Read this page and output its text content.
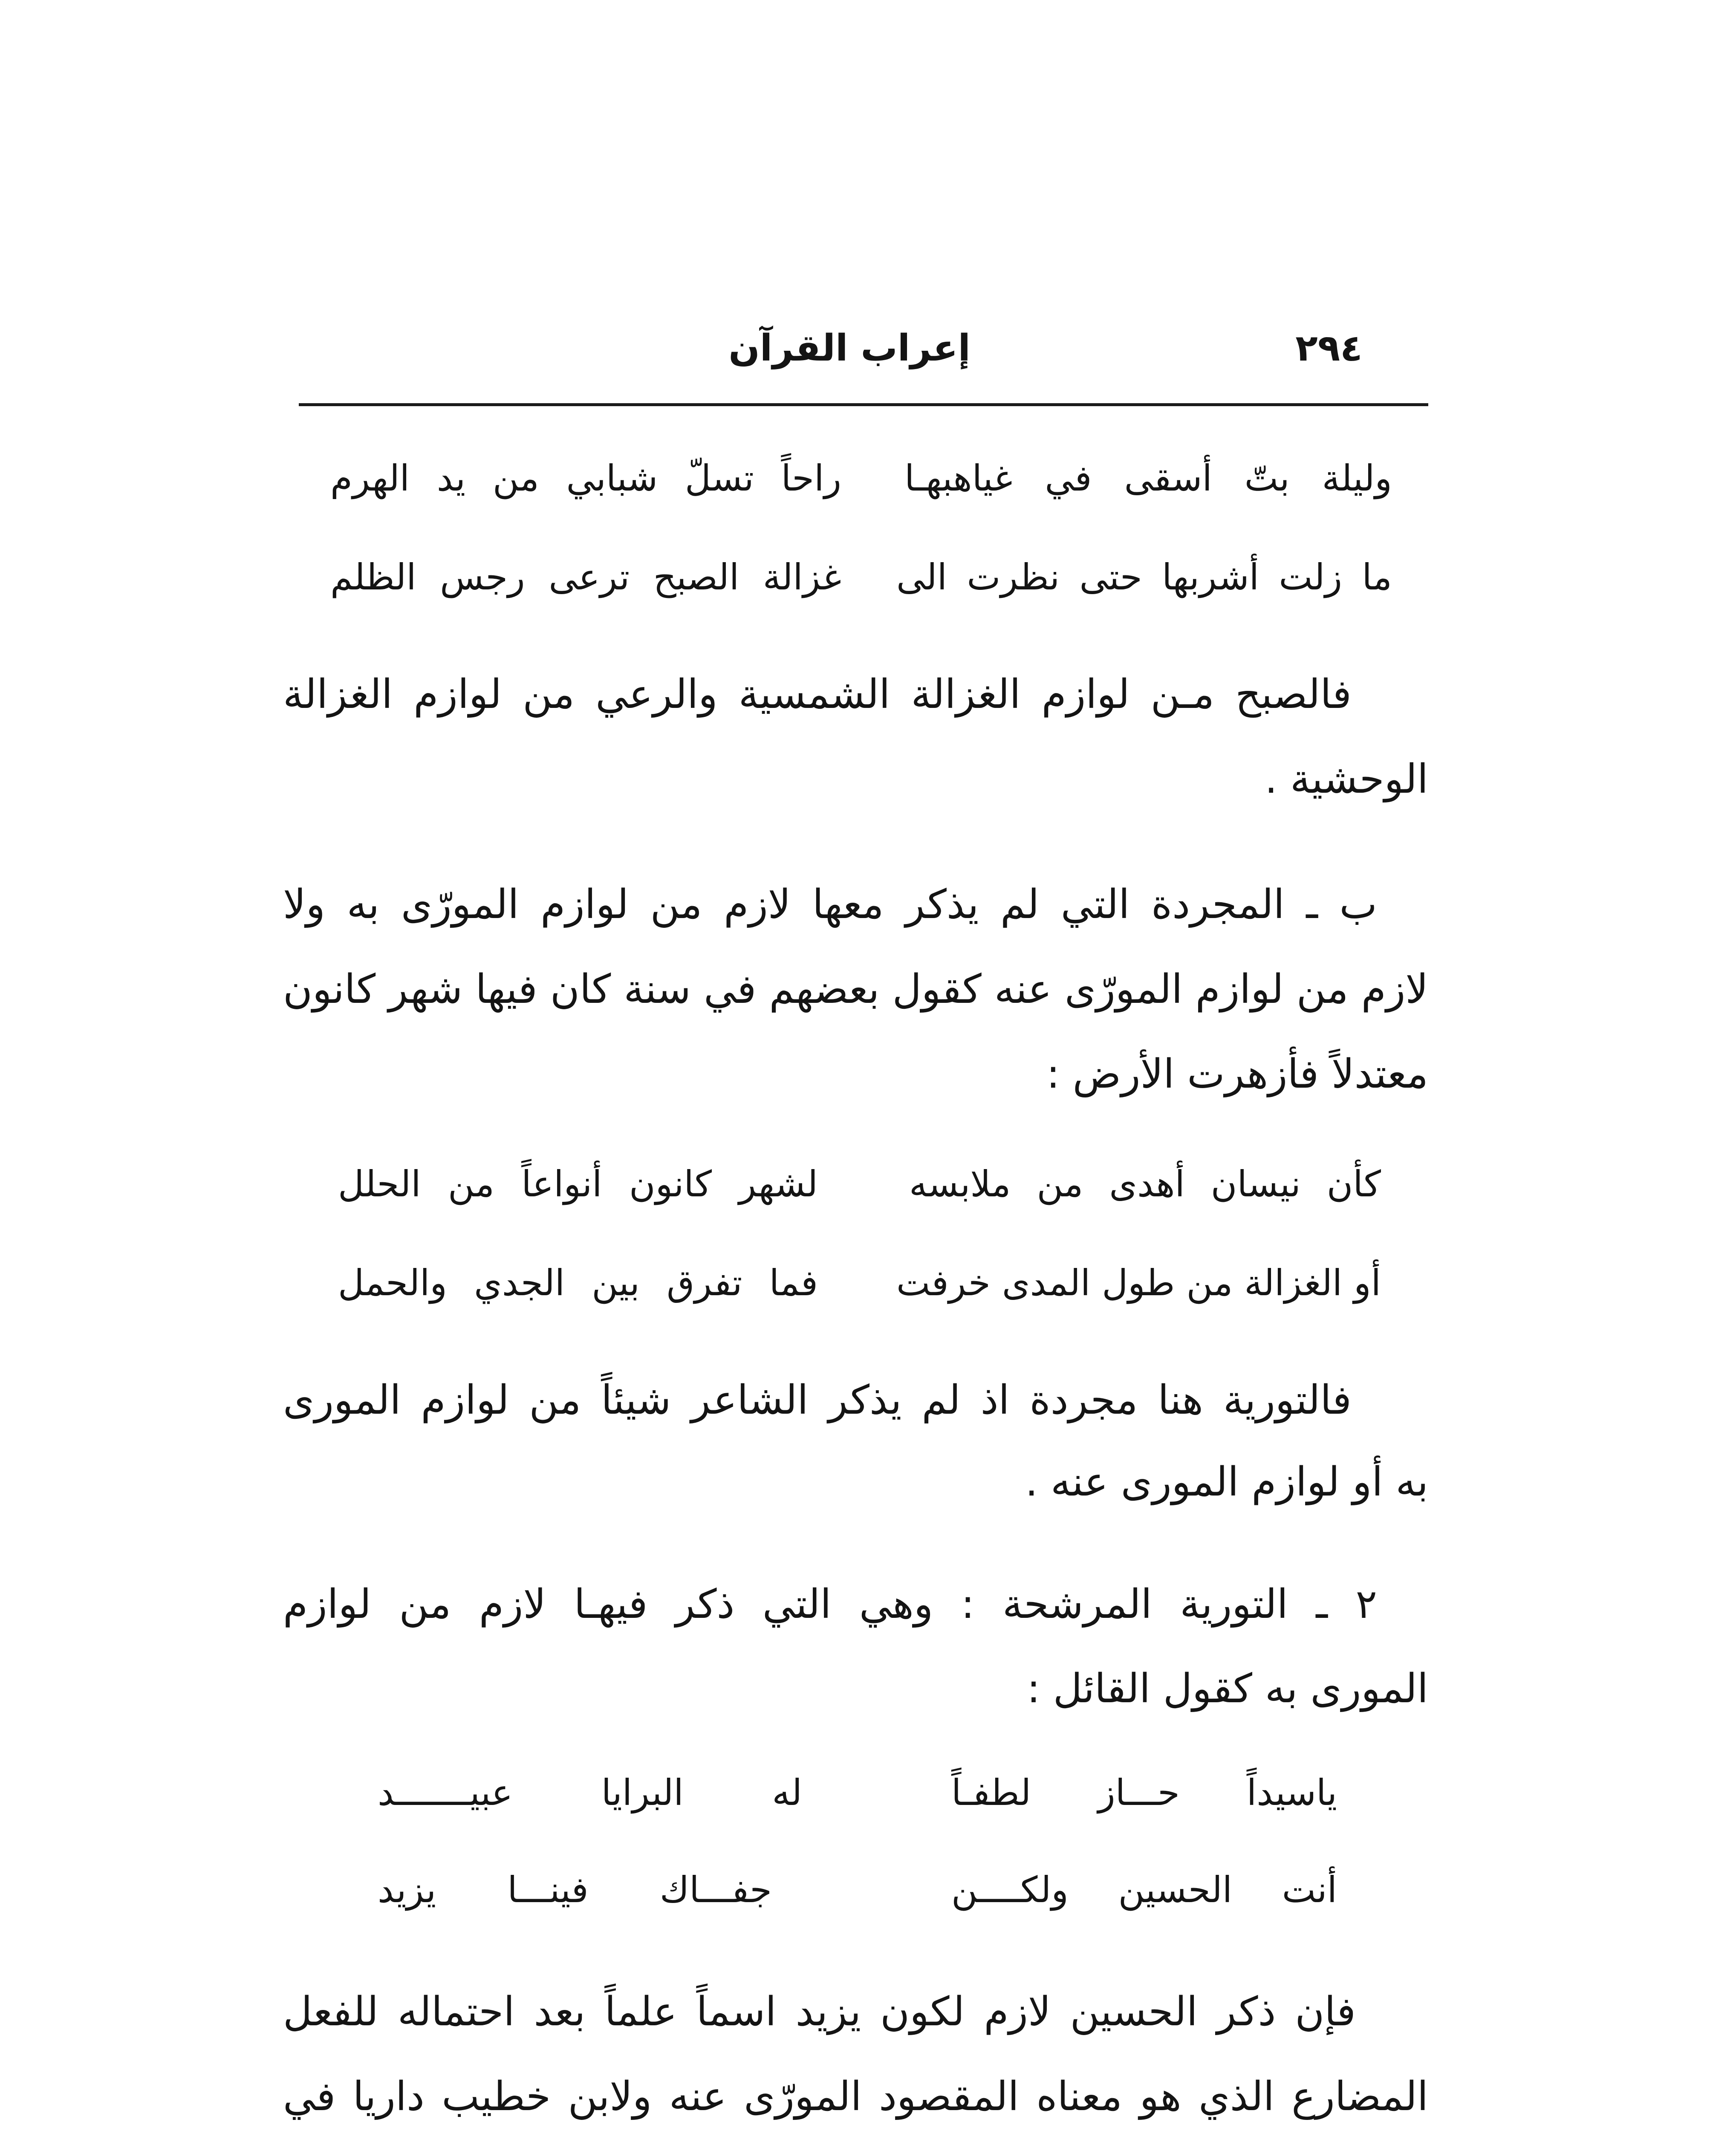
٢٩٤
إعراب القرآن

وليلة بتّ أسقى في غياهبهـا

راحاً تسلّ شبابي من يد الهرم

ما زلت أشربها حتى نظرت الى

غزالة الصبح ترعى رجس الظلم

فالصبح مـن لوازم الغزالة الشمسية والرعي من لوازم الغزالة

الوحشية .

ب ـ المجردة التي لم يذكر معها لازم من لوازم المورّى به ولا

لازم من لوازم المورّى عنه كقول بعضهم في سنة كان فيها شهر كانون

معتدلاً فأزهرت الأرض :

كأن نيسان أهدى من ملابسه

لشهر كانون أنواعاً من الحلل

أو الغزالة من طول المدى خرفت

فما تفرق بين الجدي والحمل

فالتورية هنا مجردة اذ لم يذكر الشاعر شيئاً من لوازم المورى

به أو لوازم المورى عنه .

٢ ـ التورية المرشحة : وهي التي ذكر فيهـا لازم من لوازم

المورى به كقول القائل :

ياسيداً حـــاز لطفـاً

له البرايا عبيـــــــد

أنت الحسين ولكــــن

جفـــاك فينـــا يزيد

فإن ذكر الحسين لازم لكون يزيد اسماً علماً بعد احتماله للفعل

المضارع الذي هو معناه المقصود المورّى عنه ولابن خطيب داريا في
